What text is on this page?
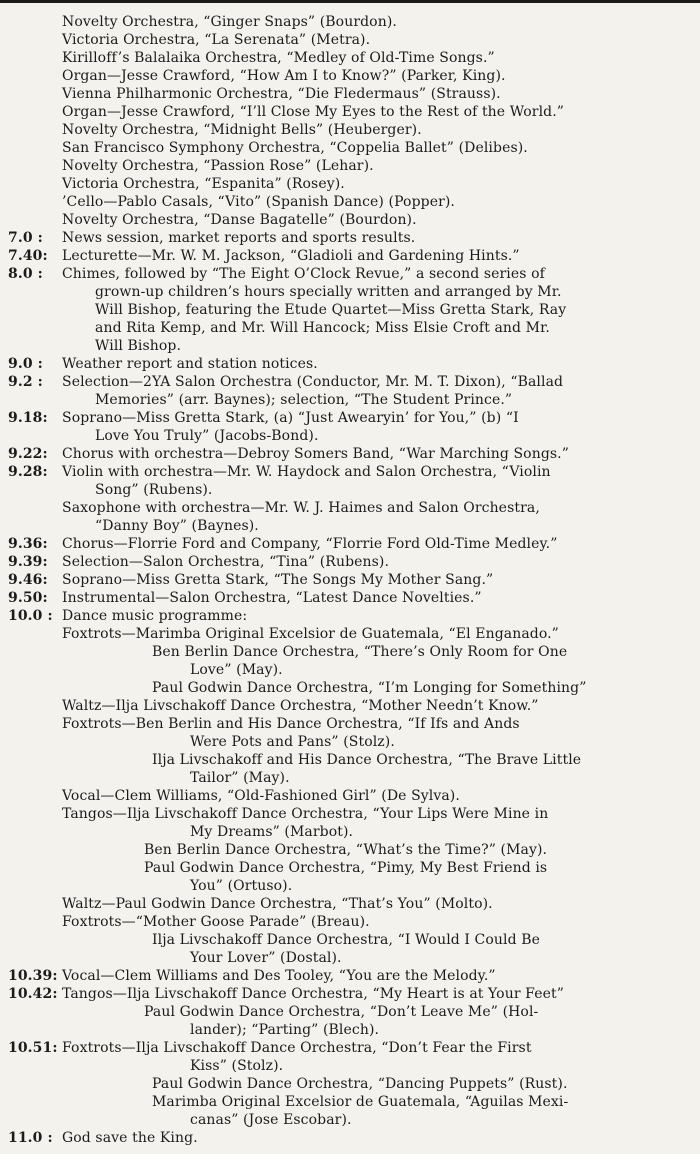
Novelty Orchestra, “Ginger Snaps” (Bourdon).
Victoria Orchestra, “La Serenata” (Metra).
Kirilloff’s Balalaika Orchestra, “Medley of Old-Time Songs.”
Organ—Jesse Crawford, “How Am I to Know?” (Parker, King).
Vienna Philharmonic Orchestra, “Die Fledermaus” (Strauss).
Organ—Jesse Crawford, “I’ll Close My Eyes to the Rest of the World.”
Novelty Orchestra, “Midnight Bells” (Heuberger).
San Francisco Symphony Orchestra, “Coppelia Ballet” (Delibes).
Novelty Orchestra, “Passion Rose” (Lehar).
Victoria Orchestra, “Espanita” (Rosey).
’Cello—Pablo Casals, “Vito” (Spanish Dance) (Popper).
Novelty Orchestra, “Danse Bagatelle” (Bourdon).
7.0 : News session, market reports and sports results.
7.40: Lecturette—Mr. W. M. Jackson, “Gladioli and Gardening Hints.”
8.0 : Chimes, followed by “The Eight O’Clock Revue,” a second series of
grown-up children’s hours specially written and arranged by Mr.
Will Bishop, featuring the Etude Quartet—Miss Gretta Stark, Ray
and Rita Kemp, and Mr. Will Hancock; Miss Elsie Croft and Mr.
Will Bishop.
9.0 : Weather report and station notices.
9.2 : Selection—2YA Salon Orchestra (Conductor, Mr. M. T. Dixon), “Ballad
Memories” (arr. Baynes); selection, “The Student Prince.”
9.18: Soprano—Miss Gretta Stark, (a) “Just Awearyin’ for You,” (b) “I
Love You Truly” (Jacobs-Bond).
9.22: Chorus with orchestra—Debroy Somers Band, “War Marching Songs.”
9.28: Violin with orchestra—Mr. W. Haydock and Salon Orchestra, “Violin
Song” (Rubens).
Saxophone with orchestra—Mr. W. J. Haimes and Salon Orchestra,
“Danny Boy” (Baynes).
9.36: Chorus—Florrie Ford and Company, “Florrie Ford Old-Time Medley.”
9.39: Selection—Salon Orchestra, “Tina” (Rubens).
9.46: Soprano—Miss Gretta Stark, “The Songs My Mother Sang.”
9.50: Instrumental—Salon Orchestra, “Latest Dance Novelties.”
10.0 : Dance music programme:
Foxtrots—Marimba Original Excelsior de Guatemala, “El Enganado.”
Ben Berlin Dance Orchestra, “There’s Only Room for One
Love” (May).
Paul Godwin Dance Orchestra, “I’m Longing for Something”
Waltz—Ilja Livschakoff Dance Orchestra, “Mother Needn’t Know.”
Foxtrots—Ben Berlin and His Dance Orchestra, “If Ifs and Ands
Were Pots and Pans” (Stolz).
Ilja Livschakoff and His Dance Orchestra, “The Brave Little
Tailor” (May).
Vocal—Clem Williams, “Old-Fashioned Girl” (De Sylva).
Tangos—Ilja Livschakoff Dance Orchestra, “Your Lips Were Mine in
My Dreams” (Marbot).
Ben Berlin Dance Orchestra, “What’s the Time?” (May).
Paul Godwin Dance Orchestra, “Pimy, My Best Friend is
You” (Ortuso).
Waltz—Paul Godwin Dance Orchestra, “That’s You” (Molto).
Foxtrots—“Mother Goose Parade” (Breau).
Ilja Livschakoff Dance Orchestra, “I Would I Could Be
Your Lover” (Dostal).
10.39: Vocal—Clem Williams and Des Tooley, “You are the Melody.”
10.42: Tangos—Ilja Livschakoff Dance Orchestra, “My Heart is at Your Feet”
Paul Godwin Dance Orchestra, “Don’t Leave Me” (Hol-
lander); “Parting” (Blech).
10.51: Foxtrots—Ilja Livschakoff Dance Orchestra, “Don’t Fear the First
Kiss” (Stolz).
Paul Godwin Dance Orchestra, “Dancing Puppets” (Rust).
Marimba Original Excelsior de Guatemala, “Aguilas Mexi-
canas” (Jose Escobar).
11.0 : God save the King.
